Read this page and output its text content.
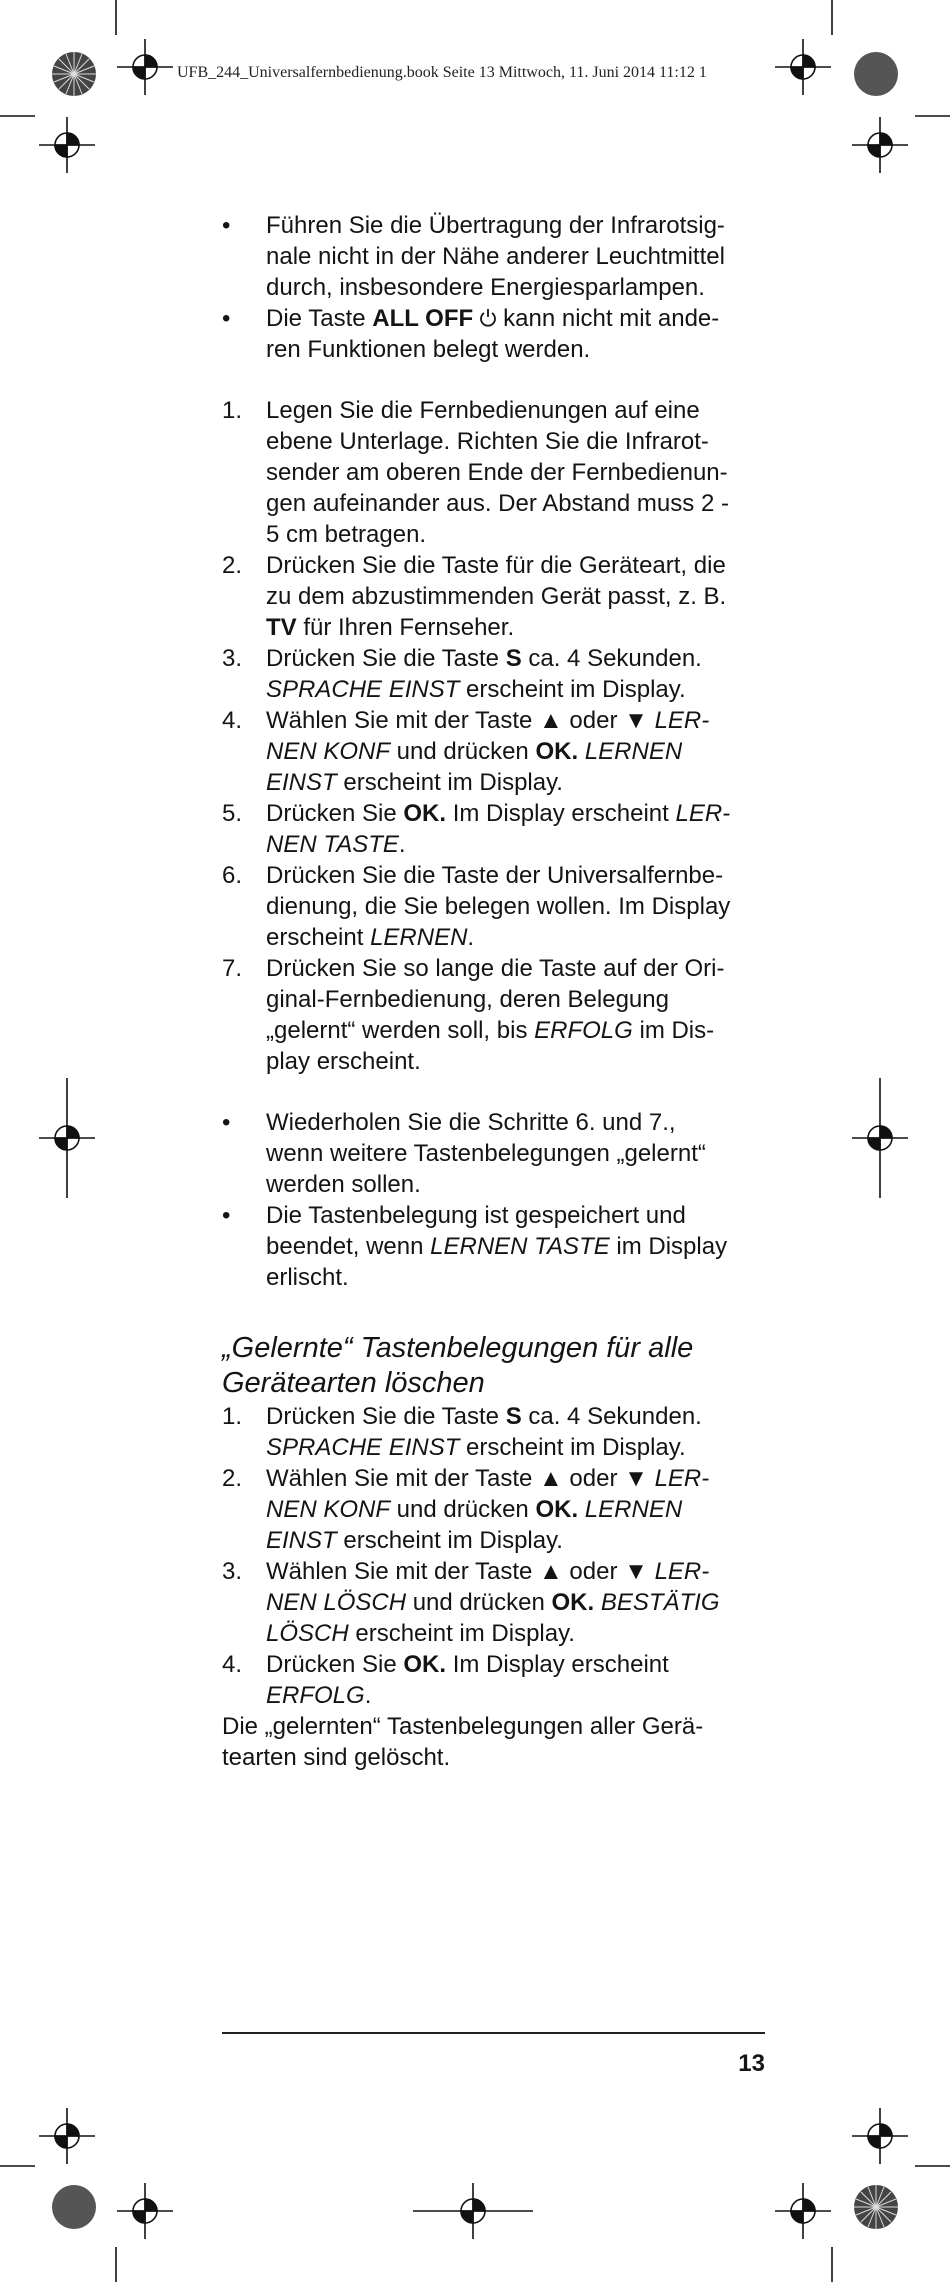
UFB_244_Universalfernbedienung.book Seite 13 Mittwoch, 11. Juni 2014 11:12 1
• Führen Sie die Übertragung der Infrarotsig-
nale nicht in der Nähe anderer Leuchtmittel
durch, insbesondere Energiesparlampen.
• Die Taste ALL OFF kann nicht mit ande-
ren Funktionen belegt werden.
1. Legen Sie die Fernbedienungen auf eine
ebene Unterlage. Richten Sie die Infrarot-
sender am oberen Ende der Fernbedienun-
gen aufeinander aus. Der Abstand muss 2 -
5 cm betragen.
2. Drücken Sie die Taste für die Geräteart, die
zu dem abzustimmenden Gerät passt, z. B.
TV für Ihren Fernseher.
3. Drücken Sie die Taste S ca. 4 Sekunden.
SPRACHE EINST erscheint im Display.
4. Wählen Sie mit der Taste ▲ oder ▼ LER-
NEN KONF und drücken OK. LERNEN
EINST erscheint im Display.
5. Drücken Sie OK. Im Display erscheint LER-
NEN TASTE.
6. Drücken Sie die Taste der Universalfernbe-
dienung, die Sie belegen wollen. Im Display
erscheint LERNEN.
7. Drücken Sie so lange die Taste auf der Ori-
ginal-Fernbedienung, deren Belegung
„gelernt“ werden soll, bis ERFOLG im Dis-
play erscheint.
• Wiederholen Sie die Schritte 6. und 7.,
wenn weitere Tastenbelegungen „gelernt“
werden sollen.
• Die Tastenbelegung ist gespeichert und
beendet, wenn LERNEN TASTE im Display
erlischt.
„Gelernte“ Tastenbelegungen für alle
Gerätearten löschen
1. Drücken Sie die Taste S ca. 4 Sekunden.
SPRACHE EINST erscheint im Display.
2. Wählen Sie mit der Taste ▲ oder ▼ LER-
NEN KONF und drücken OK. LERNEN
EINST erscheint im Display.
3. Wählen Sie mit der Taste ▲ oder ▼ LER-
NEN LÖSCH und drücken OK. BESTÄTIG
LÖSCH erscheint im Display.
4. Drücken Sie OK. Im Display erscheint
ERFOLG.
Die „gelernten“ Tastenbelegungen aller Gerä-
tearten sind gelöscht.
13
